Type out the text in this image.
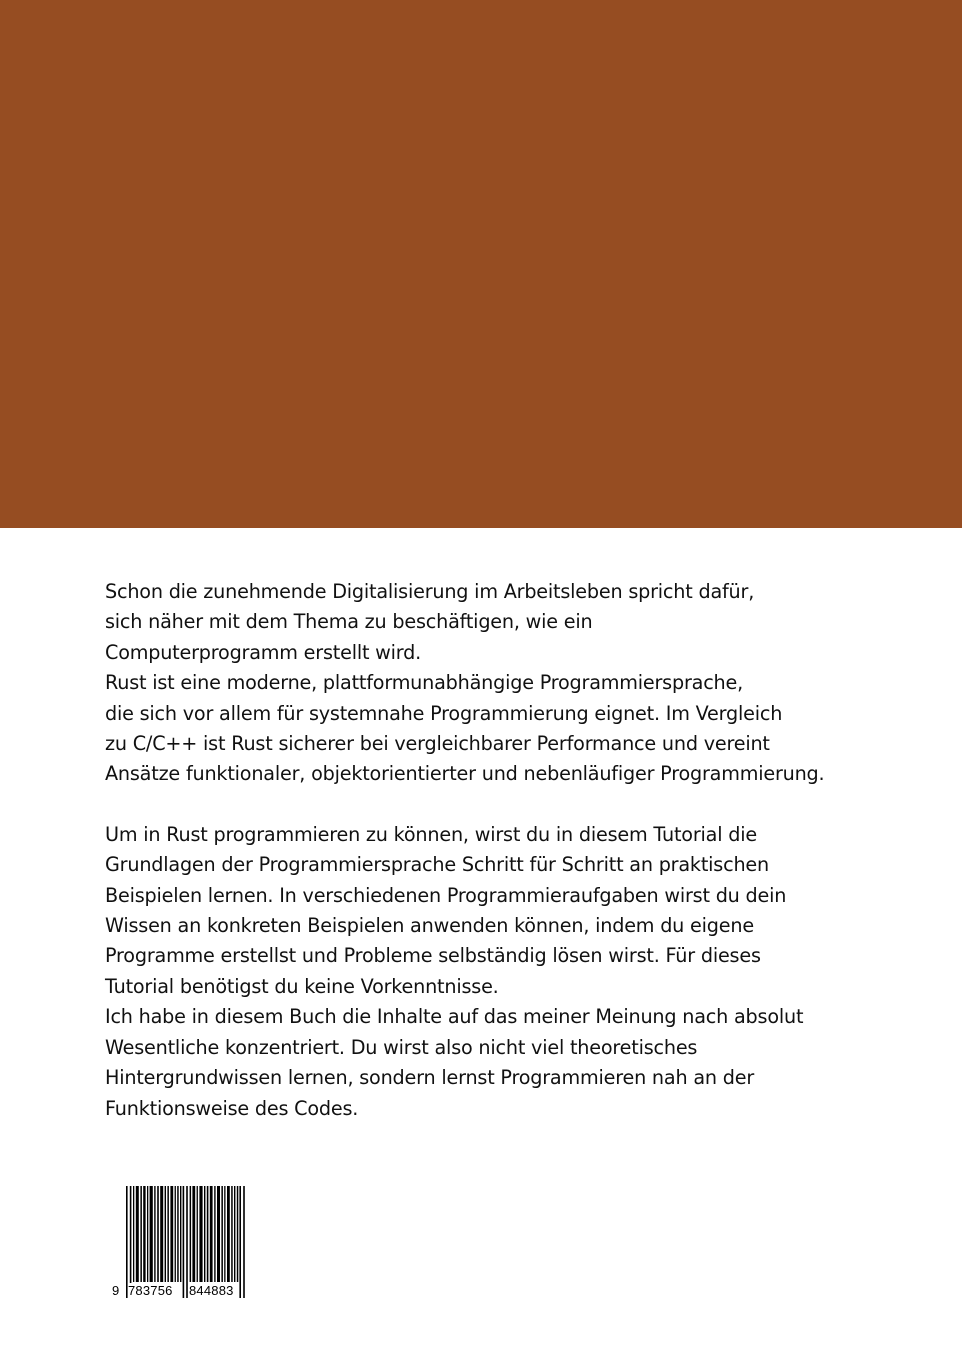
Schon die zunehmende Digitalisierung im Arbeitsleben spricht dafür,
sich näher mit dem Thema zu beschäftigen, wie ein
Computerprogramm erstellt wird.
Rust ist eine moderne, plattformunabhängige Programmiersprache,
die sich vor allem für systemnahe Programmierung eignet. Im Vergleich
zu C/C++ ist Rust sicherer bei vergleichbarer Performance und vereint
Ansätze funktionaler, objektorientierter und nebenläufiger Programmierung.

Um in Rust programmieren zu können, wirst du in diesem Tutorial die
Grundlagen der Programmiersprache Schritt für Schritt an praktischen
Beispielen lernen. In verschiedenen Programmieraufgaben wirst du dein
Wissen an konkreten Beispielen anwenden können, indem du eigene
Programme erstellst und Probleme selbständig lösen wirst. Für dieses
Tutorial benötigst du keine Vorkenntnisse.
Ich habe in diesem Buch die Inhalte auf das meiner Meinung nach absolut
Wesentliche konzentriert. Du wirst also nicht viel theoretisches
Hintergrundwissen lernen, sondern lernst Programmieren nah an der
Funktionsweise des Codes.

9 783756 844883
